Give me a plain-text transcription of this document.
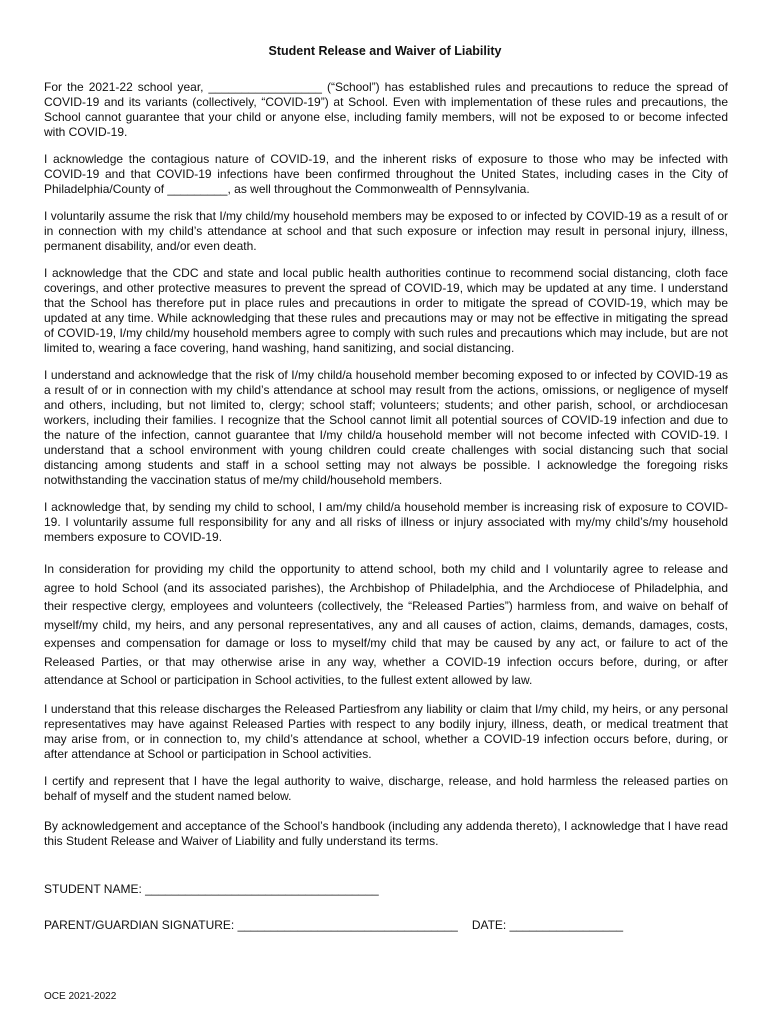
Student Release and Waiver of Liability

For the 2021-22 school year, _________________ (“School”) has established rules and precautions to reduce the spread of COVID-19 and its variants (collectively, “COVID-19”) at School. Even with implementation of these rules and precautions, the School cannot guarantee that your child or anyone else, including family members, will not be exposed to or become infected with COVID-19.

I acknowledge the contagious nature of COVID-19, and the inherent risks of exposure to those who may be infected with COVID-19 and that COVID-19 infections have been confirmed throughout the United States, including cases in the City of Philadelphia/County of _________, as well throughout the Commonwealth of Pennsylvania.

I voluntarily assume the risk that I/my child/my household members may be exposed to or infected by COVID-19 as a result of or in connection with my child’s attendance at school and that such exposure or infection may result in personal injury, illness, permanent disability, and/or even death.

I acknowledge that the CDC and state and local public health authorities continue to recommend social distancing, cloth face coverings, and other protective measures to prevent the spread of COVID-19, which may be updated at any time. I understand that the School has therefore put in place rules and precautions in order to mitigate the spread of COVID-19, which may be updated at any time. While acknowledging that these rules and precautions may or may not be effective in mitigating the spread of COVID-19, I/my child/my household members agree to comply with such rules and precautions which may include, but are not limited to, wearing a face covering, hand washing, hand sanitizing, and social distancing.

I understand and acknowledge that the risk of I/my child/a household member becoming exposed to or infected by COVID-19 as a result of or in connection with my child’s attendance at school may result from the actions, omissions, or negligence of myself and others, including, but not limited to, clergy; school staff; volunteers; students; and other parish, school, or archdiocesan workers, including their families. I recognize that the School cannot limit all potential sources of COVID-19 infection and due to the nature of the infection, cannot guarantee that I/my child/a household member will not become infected with COVID-19. I understand that a school environment with young children could create challenges with social distancing such that social distancing among students and staff in a school setting may not always be possible. I acknowledge the foregoing risks notwithstanding the vaccination status of me/my child/household members.

I acknowledge that, by sending my child to school, I am/my child/a household member is increasing risk of exposure to COVID-19. I voluntarily assume full responsibility for any and all risks of illness or injury associated with my/my child’s/my household members exposure to COVID-19.

In consideration for providing my child the opportunity to attend school, both my child and I voluntarily agree to release and agree to hold School (and its associated parishes), the Archbishop of Philadelphia, and the Archdiocese of Philadelphia, and their respective clergy, employees and volunteers (collectively, the “Released Parties”) harmless from, and waive on behalf of myself/my child, my heirs, and any personal representatives, any and all causes of action, claims, demands, damages, costs, expenses and compensation for damage or loss to myself/my child that may be caused by any act, or failure to act of the Released Parties, or that may otherwise arise in any way, whether a COVID-19 infection occurs before, during, or after attendance at School or participation in School activities, to the fullest extent allowed by law.

I understand that this release discharges the Released Partiesfrom any liability or claim that I/my child, my heirs, or any personal representatives may have against Released Parties with respect to any bodily injury, illness, death, or medical treatment that may arise from, or in connection to, my child’s attendance at school, whether a COVID-19 infection occurs before, during, or after attendance at School or participation in School activities.

I certify and represent that I have the legal authority to waive, discharge, release, and hold harmless the released parties on behalf of myself and the student named below.

By acknowledgement and acceptance of the School’s handbook (including any addenda thereto), I acknowledge that I have read this Student Release and Waiver of Liability and fully understand its terms.

STUDENT NAME: ___________________________________
PARENT/GUARDIAN SIGNATURE: _________________________________ DATE: _________________
OCE 2021-2022
